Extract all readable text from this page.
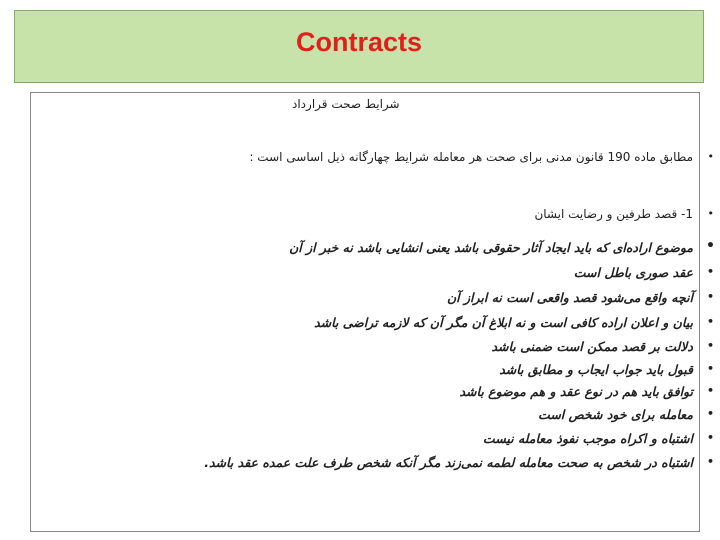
Contracts
شرایط صحت قرارداد
•
مطابق ماده 190 قانون مدنی برای صحت هر معامله شرایط چهارگانه ذیل اساسی است :
•
1- قصد طرفین و رضایت ایشان
•
موضوع اراده‌ای که باید ایجاد آثار حقوقی باشد یعنی انشایی باشد نه خبر از آن
•
عقد صوری باطل است
•
آنچه واقع می‌شود قصد واقعی است نه ابراز آن
•
بیان و اعلان اراده کافی است و نه ابلاغ آن مگر آن که لازمه تراضی باشد
•
دلالت بر قصد ممکن است ضمنی باشد
•
قبول باید جواب ایجاب و مطابق باشد
•
توافق باید هم در نوع عقد و هم موضوع باشد
•
معامله برای خود شخص است
•
اشتباه و اکراه موجب نفوذ معامله نیست
•
اشتباه در شخص به صحت معامله لطمه نمی‌زند مگر آنکه شخص طرف علت عمده عقد باشد.
